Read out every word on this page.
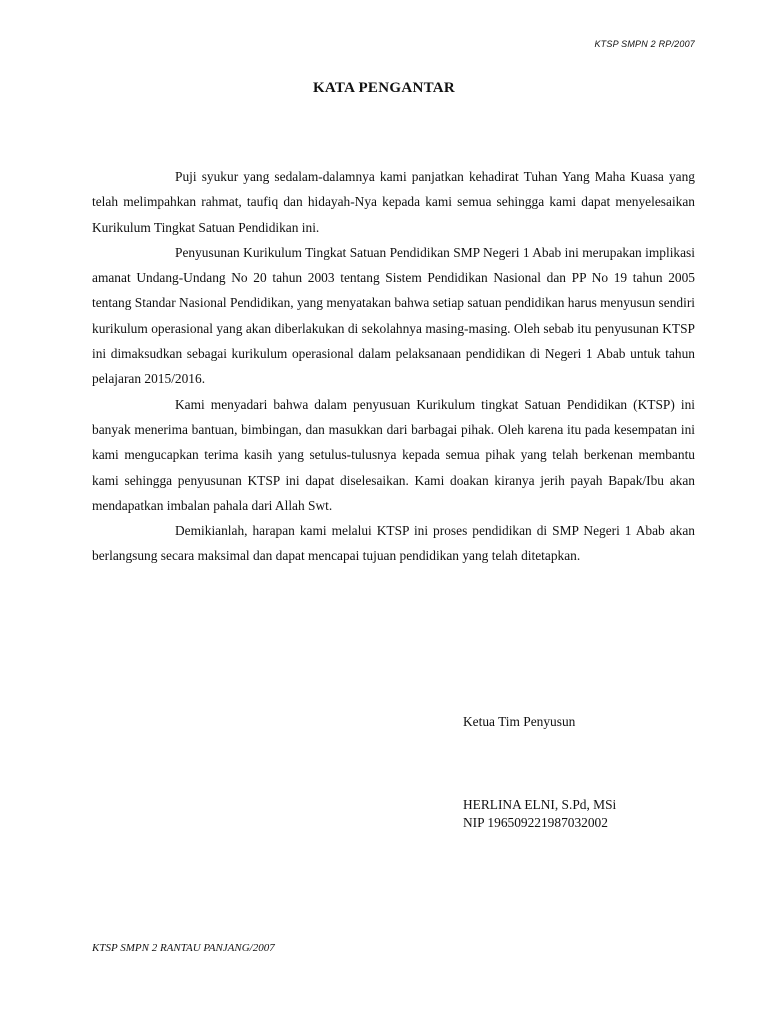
KTSP SMPN 2 RP/2007
KATA PENGANTAR

Puji syukur yang sedalam-dalamnya kami panjatkan kehadirat Tuhan Yang Maha Kuasa yang telah melimpahkan rahmat, taufiq dan hidayah-Nya kepada kami semua sehingga kami dapat menyelesaikan Kurikulum Tingkat Satuan Pendidikan ini.

Penyusunan Kurikulum Tingkat Satuan Pendidikan SMP Negeri 1 Abab ini merupakan implikasi amanat Undang-Undang No 20 tahun 2003 tentang Sistem Pendidikan Nasional dan PP No 19 tahun 2005 tentang Standar Nasional Pendidikan, yang menyatakan bahwa setiap satuan pendidikan harus menyusun sendiri kurikulum operasional yang akan diberlakukan di sekolahnya masing-masing. Oleh sebab itu penyusunan KTSP ini dimaksudkan sebagai kurikulum operasional dalam pelaksanaan pendidikan di Negeri 1 Abab untuk tahun pelajaran 2015/2016.

Kami menyadari bahwa dalam penyusuan Kurikulum tingkat Satuan Pendidikan (KTSP) ini banyak menerima bantuan, bimbingan, dan masukkan dari barbagai pihak. Oleh karena itu pada kesempatan ini kami mengucapkan terima kasih yang setulus-tulusnya kepada semua pihak yang telah berkenan membantu kami sehingga penyusunan KTSP ini dapat diselesaikan. Kami doakan kiranya jerih payah Bapak/Ibu akan mendapatkan imbalan pahala dari Allah Swt.

Demikianlah, harapan kami melalui KTSP ini proses pendidikan di SMP Negeri 1 Abab akan berlangsung secara maksimal dan dapat mencapai tujuan pendidikan yang telah ditetapkan.

Ketua Tim Penyusun
HERLINA ELNI, S.Pd, MSi
NIP 196509221987032002
KTSP SMPN 2 RANTAU PANJANG/2007
